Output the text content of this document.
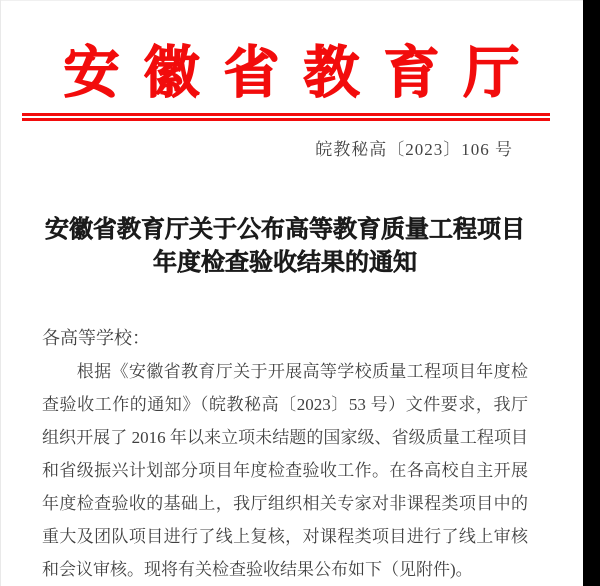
安徽省教育厅
皖教秘高〔2023〕106 号
安徽省教育厅关于公布高等教育质量工程项目
年度检查验收结果的通知
各高等学校：
　　根据《安徽省教育厅关于开展高等学校质量工程项目年度检
查验收工作的通知》（皖教秘高〔2023〕53 号）文件要求，我厅
组织开展了 2016 年以来立项未结题的国家级、省级质量工程项目
和省级振兴计划部分项目年度检查验收工作。在各高校自主开展
年度检查验收的基础上，我厅组织相关专家对非课程类项目中的
重大及团队项目进行了线上复核，对课程类项目进行了线上审核
和会议审核。现将有关检查验收结果公布如下（见附件)。
